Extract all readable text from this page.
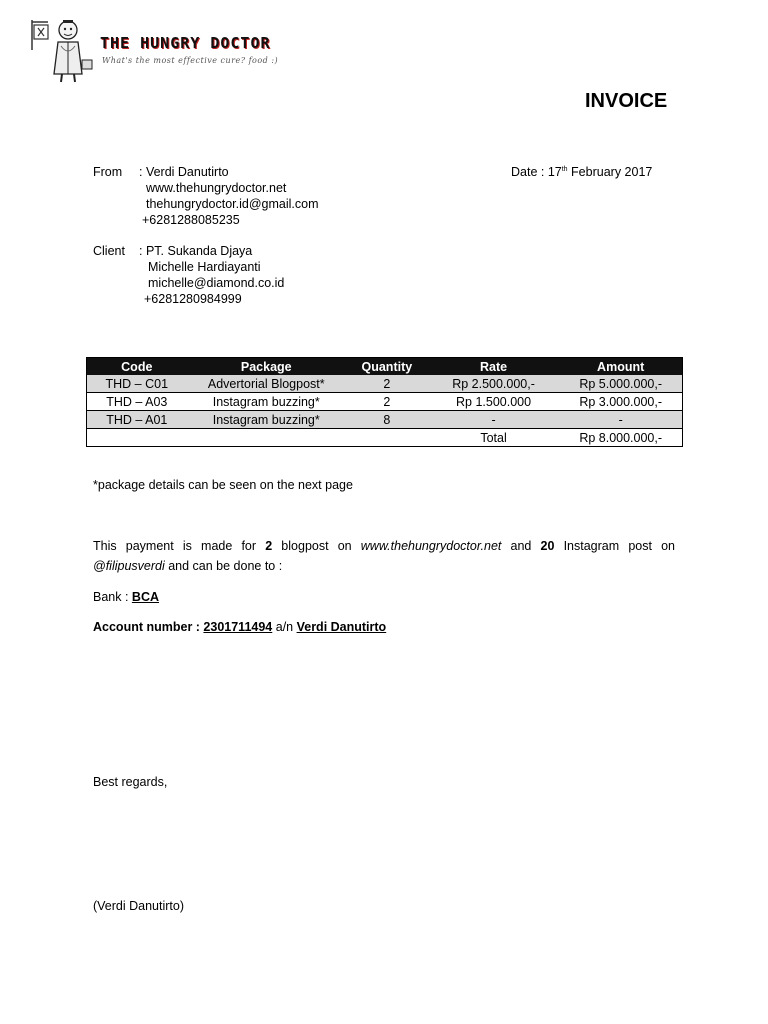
THE HUNGRY DOCTOR
What's the most effective cure? food :)
INVOICE
From : Verdi Danutirto
www.thehungrydoctor.net
thehungrydoctor.id@gmail.com
+6281288085235
Date : 17th February 2017
Client : PT. Sukanda Djaya
Michelle Hardiayanti
michelle@diamond.co.id
+6281280984999
Code	Package	Quantity	Rate	Amount
THD – C01	Advertorial Blogpost*	2	Rp 2.500.000,-	Rp 5.000.000,-
THD – A03	Instagram buzzing*	2	Rp 1.500.000	Rp 3.000.000,-
THD – A01	Instagram buzzing*	8	-	-
			Total	Rp 8.000.000,-
*package details can be seen on the next page
This payment is made for 2 blogpost on www.thehungrydoctor.net and 20 Instagram post on @filipusverdi and can be done to :
Bank : BCA
Account number : 2301711494 a/n Verdi Danutirto
Best regards,
(Verdi Danutirto)
